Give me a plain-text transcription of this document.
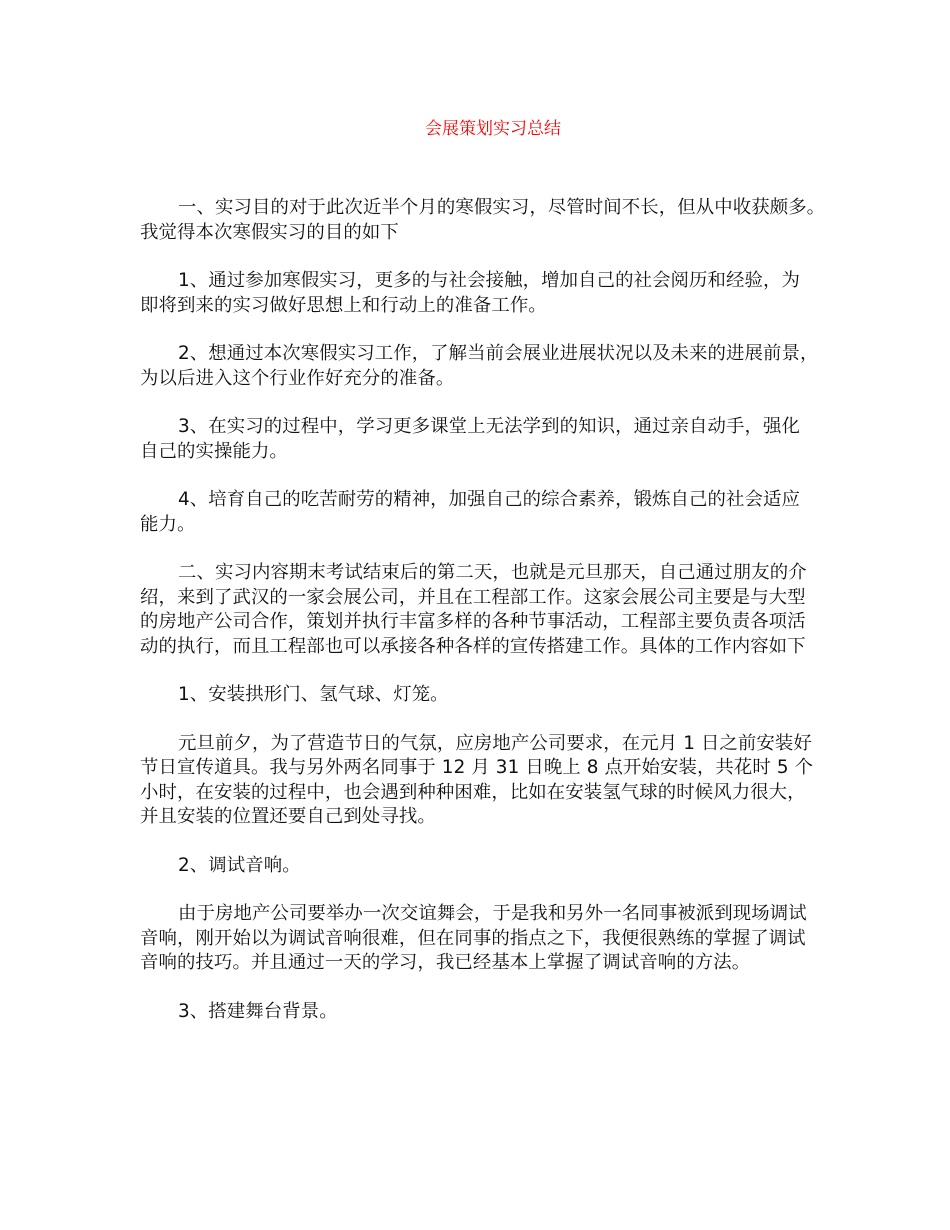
会展策划实习总结

一、实习目的对于此次近半个月的寒假实习，尽管时间不长，但从中收获颇多。
我觉得本次寒假实习的目的如下

1、通过参加寒假实习，更多的与社会接触，增加自己的社会阅历和经验，为
即将到来的实习做好思想上和行动上的准备工作。

2、想通过本次寒假实习工作，了解当前会展业进展状况以及未来的进展前景，
为以后进入这个行业作好充分的准备。

3、在实习的过程中，学习更多课堂上无法学到的知识，通过亲自动手，强化
自己的实操能力。

4、培育自己的吃苦耐劳的精神，加强自己的综合素养，锻炼自己的社会适应
能力。

二、实习内容期末考试结束后的第二天，也就是元旦那天，自己通过朋友的介
绍，来到了武汉的一家会展公司，并且在工程部工作。这家会展公司主要是与大型
的房地产公司合作，策划并执行丰富多样的各种节事活动，工程部主要负责各项活
动的执行，而且工程部也可以承接各种各样的宣传搭建工作。具体的工作内容如下

1、安装拱形门、氢气球、灯笼。

元旦前夕，为了营造节日的气氛，应房地产公司要求，在元月 1 日之前安装好
节日宣传道具。我与另外两名同事于 12 月 31 日晚上 8 点开始安装，共花时 5 个
小时，在安装的过程中，也会遇到种种困难，比如在安装氢气球的时候风力很大，
并且安装的位置还要自己到处寻找。

2、调试音响。

由于房地产公司要举办一次交谊舞会，于是我和另外一名同事被派到现场调试
音响，刚开始以为调试音响很难，但在同事的指点之下，我便很熟练的掌握了调试
音响的技巧。并且通过一天的学习，我已经基本上掌握了调试音响的方法。

3、搭建舞台背景。
